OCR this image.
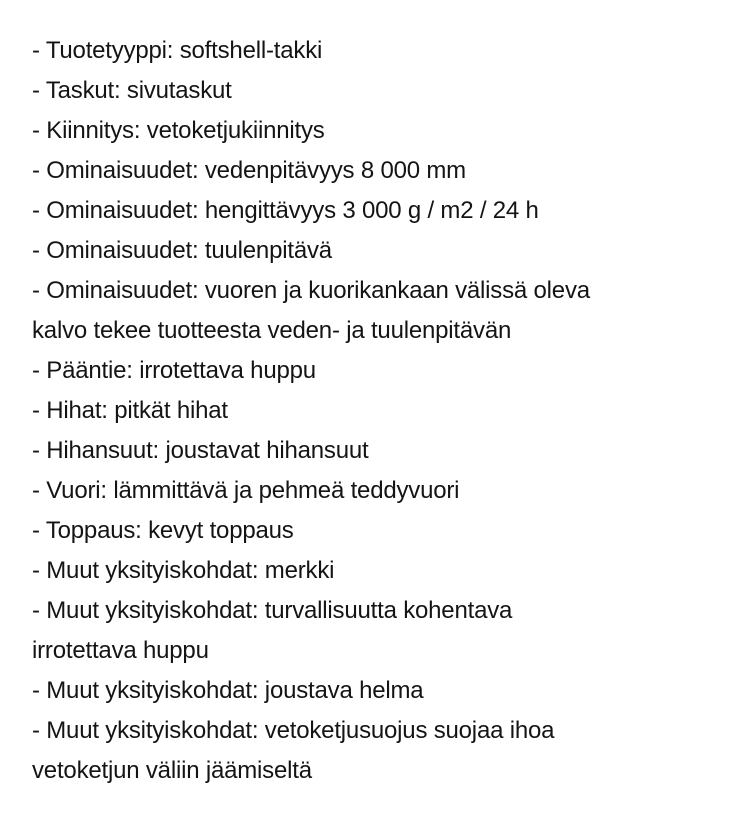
- Tuotetyyppi: softshell-takki
- Taskut: sivutaskut
- Kiinnitys: vetoketjukiinnitys
- Ominaisuudet: vedenpitävyys 8 000 mm
- Ominaisuudet: hengittävyys 3 000 g / m2 / 24 h
- Ominaisuudet: tuulenpitävä
- Ominaisuudet: vuoren ja kuorikankaan välissä oleva
kalvo tekee tuotteesta veden- ja tuulenpitävän
- Pääntie: irrotettava huppu
- Hihat: pitkät hihat
- Hihansuut: joustavat hihansuut
- Vuori: lämmittävä ja pehmeä teddyvuori
- Toppaus: kevyt toppaus
- Muut yksityiskohdat: merkki
- Muut yksityiskohdat: turvallisuutta kohentava
irrotettava huppu
- Muut yksityiskohdat: joustava helma
- Muut yksityiskohdat: vetoketjusuojus suojaa ihoa
vetoketjun väliin jäämiseltä
